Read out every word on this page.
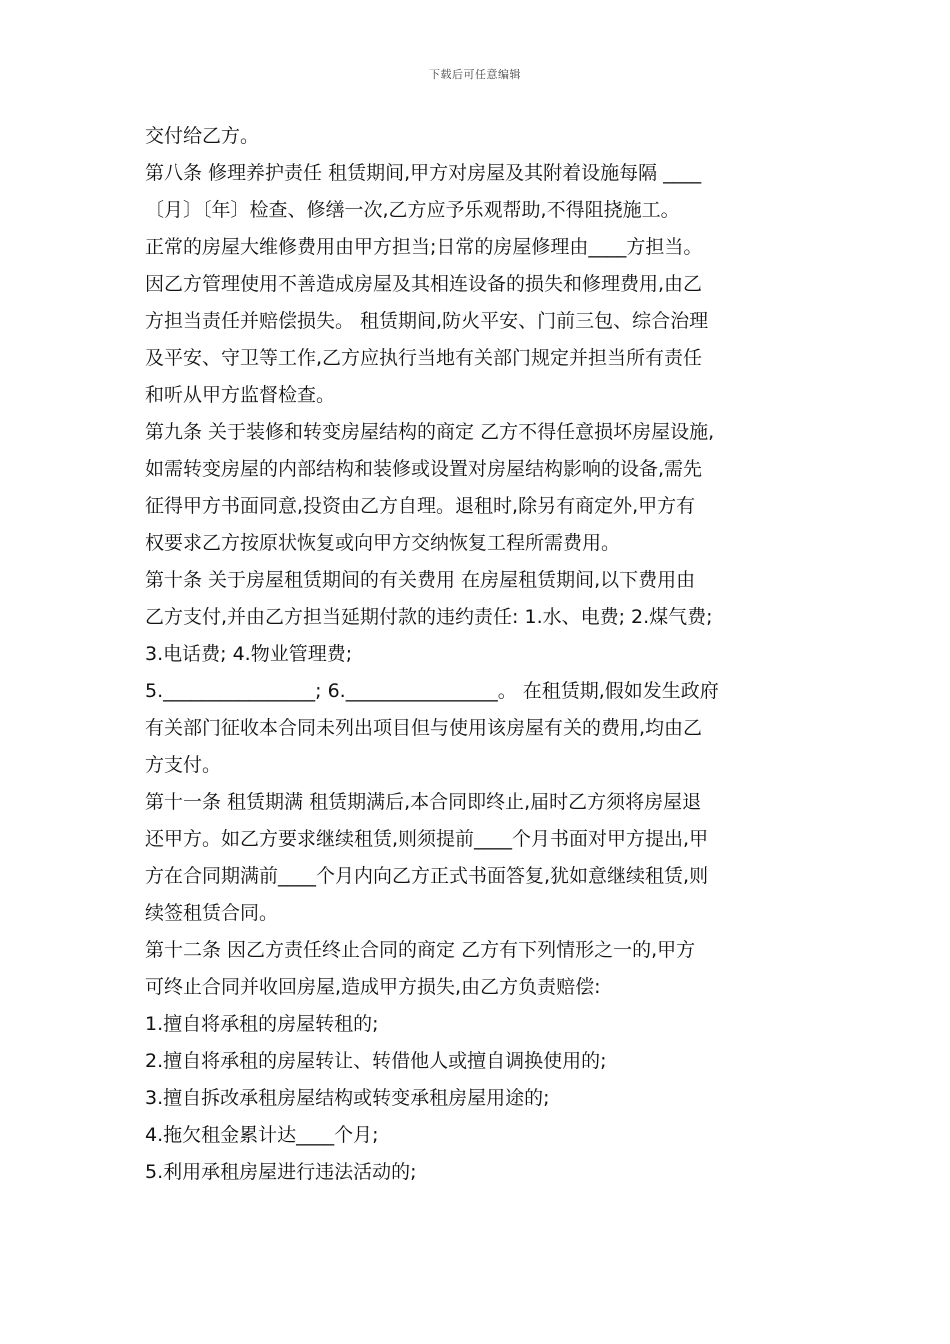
下载后可任意编辑
交付给乙方。
第八条 修理养护责任 租赁期间,甲方对房屋及其附着设施每隔 ____
〔月〕〔年〕检查、修缮一次,乙方应予乐观帮助,不得阻挠施工。
正常的房屋大维修费用由甲方担当;日常的房屋修理由____方担当。
因乙方管理使用不善造成房屋及其相连设备的损失和修理费用,由乙
方担当责任并赔偿损失。 租赁期间,防火平安、门前三包、综合治理
及平安、守卫等工作,乙方应执行当地有关部门规定并担当所有责任
和听从甲方监督检查。
第九条 关于装修和转变房屋结构的商定 乙方不得任意损坏房屋设施,
如需转变房屋的内部结构和装修或设置对房屋结构影响的设备,需先
征得甲方书面同意,投资由乙方自理。退租时,除另有商定外,甲方有
权要求乙方按原状恢复或向甲方交纳恢复工程所需费用。
第十条 关于房屋租赁期间的有关费用 在房屋租赁期间,以下费用由
乙方支付,并由乙方担当延期付款的违约责任: 1.水、电费; 2.煤气费;
3.电话费; 4.物业管理费;
5.________________; 6.________________。 在租赁期,假如发生政府
有关部门征收本合同未列出项目但与使用该房屋有关的费用,均由乙
方支付。
第十一条 租赁期满 租赁期满后,本合同即终止,届时乙方须将房屋退
还甲方。如乙方要求继续租赁,则须提前____个月书面对甲方提出,甲
方在合同期满前____个月内向乙方正式书面答复,犹如意继续租赁,则
续签租赁合同。
第十二条 因乙方责任终止合同的商定 乙方有下列情形之一的,甲方
可终止合同并收回房屋,造成甲方损失,由乙方负责赔偿:
1.擅自将承租的房屋转租的;
2.擅自将承租的房屋转让、转借他人或擅自调换使用的;
3.擅自拆改承租房屋结构或转变承租房屋用途的;
4.拖欠租金累计达____个月;
5.利用承租房屋进行违法活动的;
